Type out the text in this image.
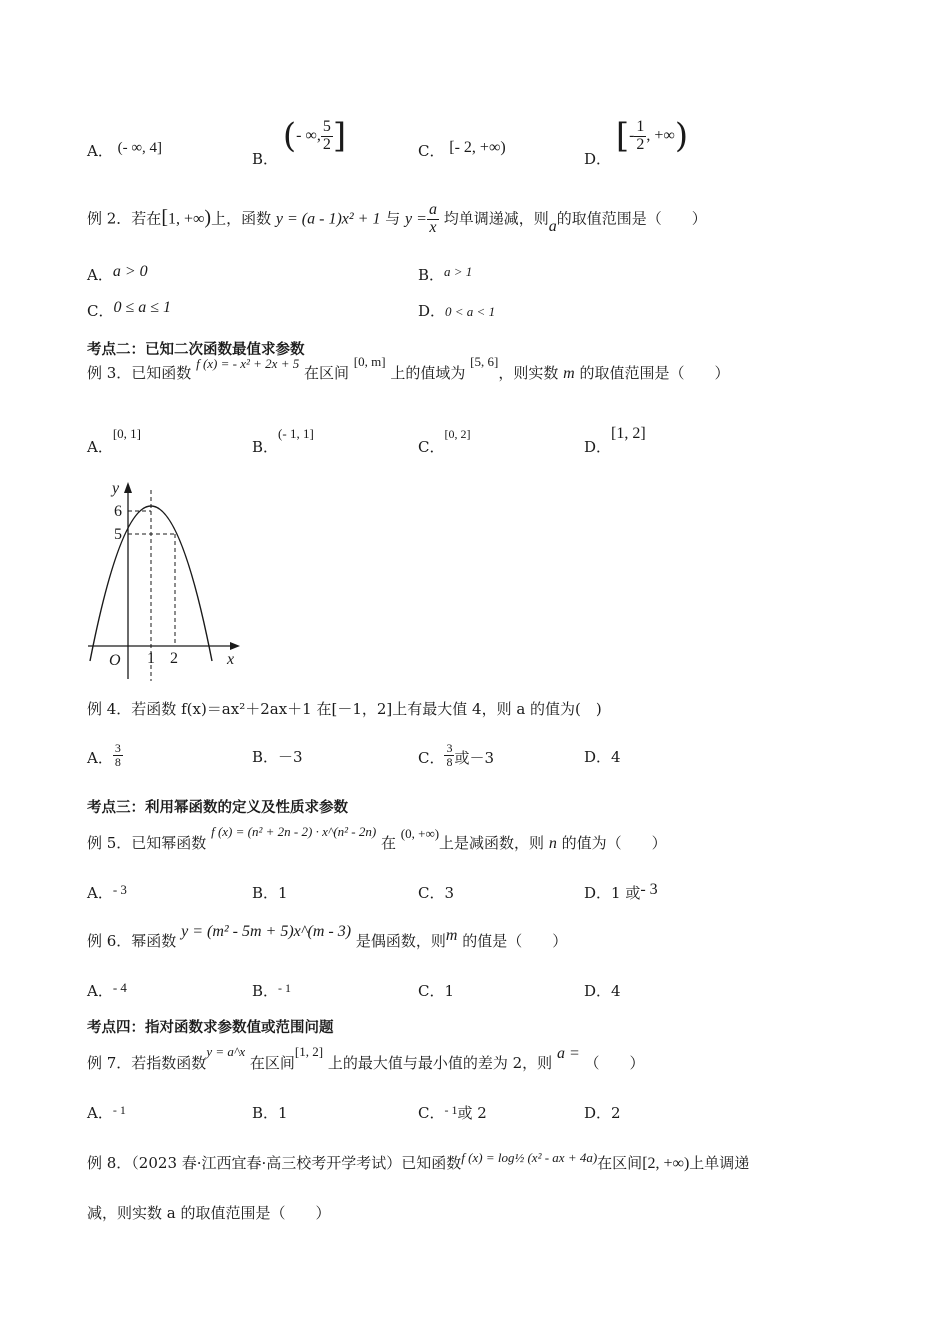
A． (- ∞, 4]
B． (- ∞, $\frac{5}{2}$ ]	C． [- 2, +∞)
D． [- $\frac{1}{2}$ , +∞)
例 2．若在[1, +∞)上，函数 y = (a - 1)x² + 1 与 $y = \frac{a}{x}$ 均单调递减，则a的取值范围是（　　）
A．a > 0	B．a > 1
C．0 ≤ a ≤ 1	D．0 < a < 1
考点二：已知二次函数最值求参数
例 3．已知函数 f (x) = - x² + 2x + 5 在区间 [0, m] 上的值域为 [5, 6]，则实数 m 的取值范围是（　　）
A．[0, 1]
B．(- 1, 1]
C．[0, 2]
D．[1, 2]
y
x
O
6
5
1 2
例 4．若函数 f(x)＝ax²＋2ax＋1 在[－1，2]上有最大值 4，则 a 的值为(　)
A． $\frac{3}{8}$	B．－3	C． $\frac{3}{8}$ 或－3	D．4
考点三：利用幂函数的定义及性质求参数
例 5．已知幂函数 f (x) = (n² + 2n - 2) · x^(n² - 2n) 在 (0, +∞)上是减函数，则 n 的值为（　　）
A．- 3	B．1	C．3	D．1 或- 3
例 6．幂函数 y = (m² - 5m + 5)x^(m - 3) 是偶函数，则m 的值是（　　）
A．- 4	B．$^{- 1}$	C．1	D．4
考点四：指对函数求参数值或范围问题
例 7．若指数函数y = a^x 在区间[1, 2] 上的最大值与最小值的差为 2，则 a = （　　）
A．$^{- 1}$	B．1	C．$^{- 1}$或 2	D．2
例 8．（2023 春·江西宜春·高三校考开学考试）已知函数f (x) = log½ (x² - ax + 4a)在区间[2, +∞)上单调递
减，则实数 a 的取值范围是（　　）
